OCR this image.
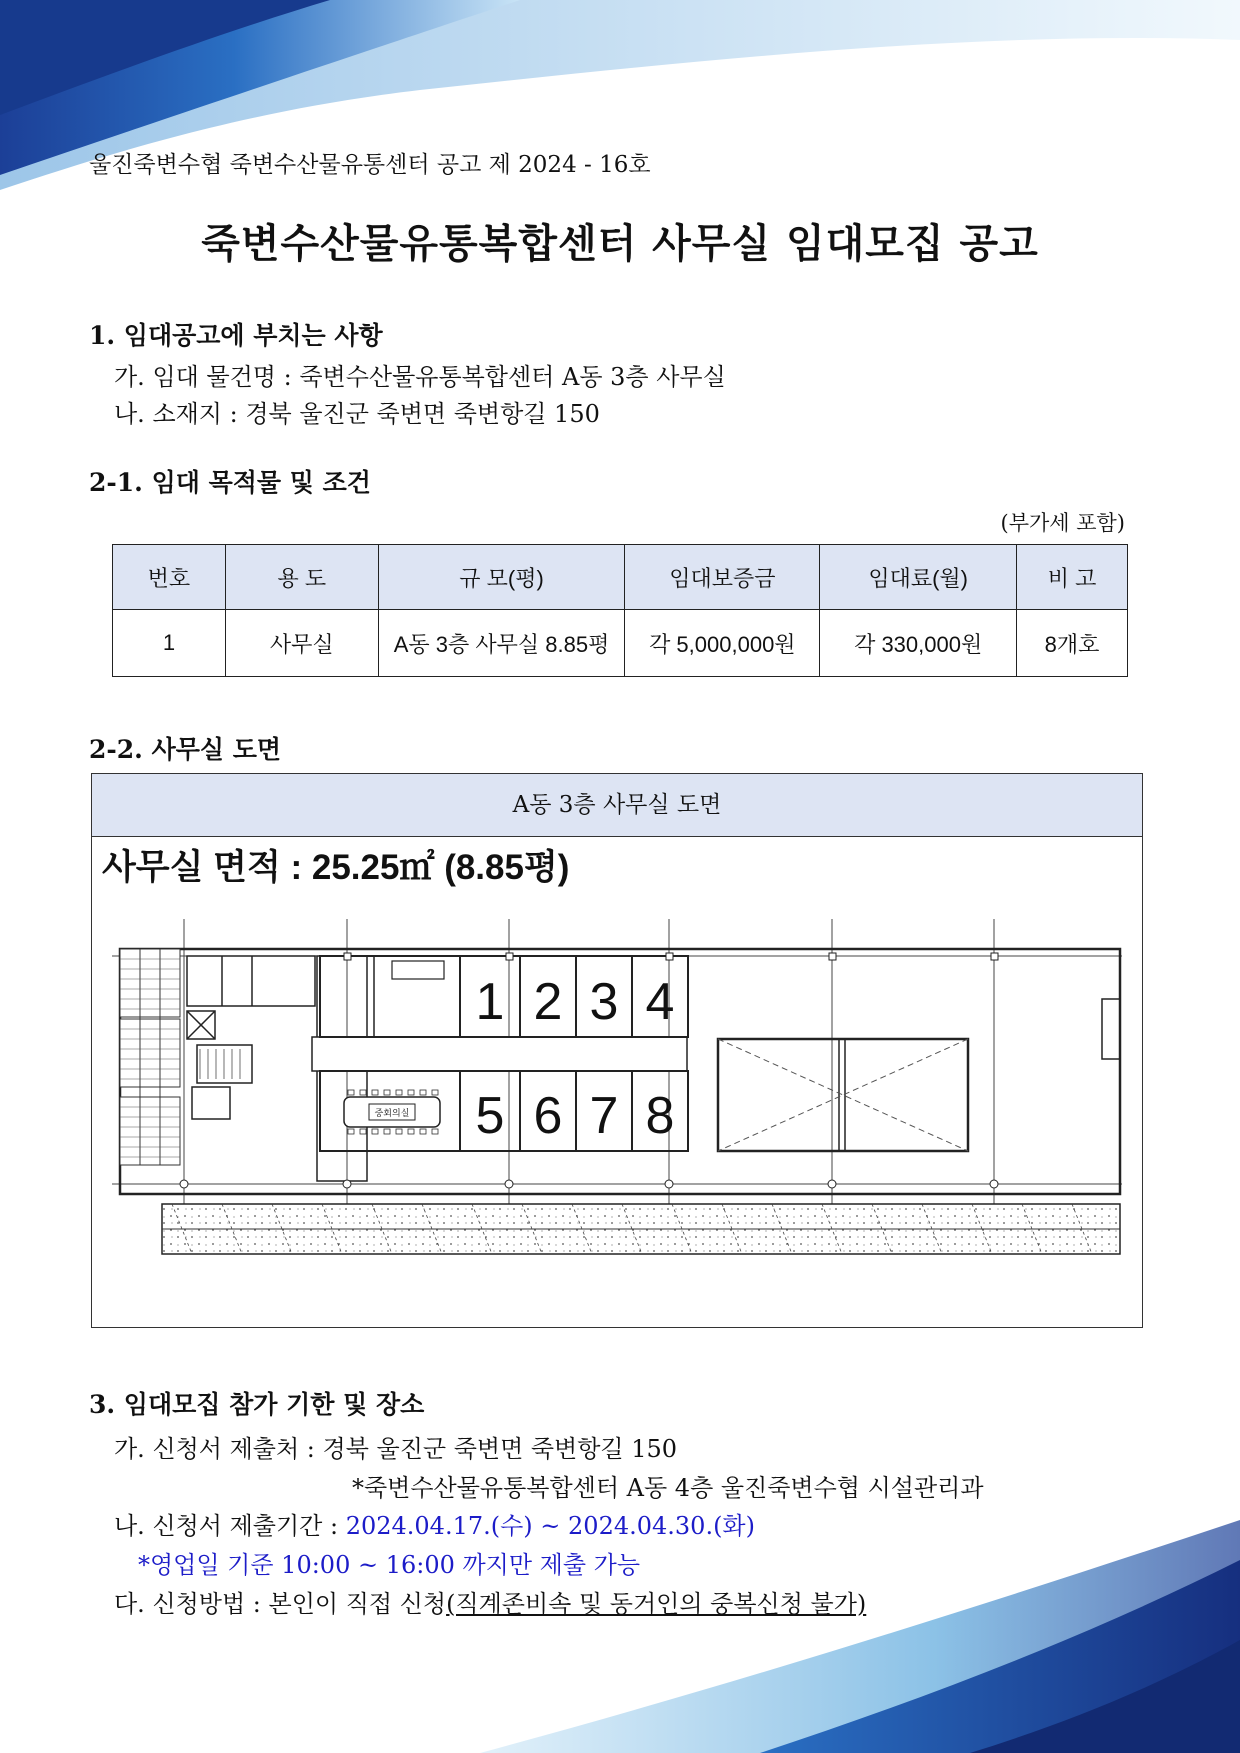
울진죽변수협 죽변수산물유통센터 공고 제 2024 - 16호
죽변수산물유통복합센터 사무실 임대모집 공고
1. 임대공고에 부치는 사항
가. 임대 물건명 : 죽변수산물유통복합센터 A동 3층 사무실
나. 소재지 : 경북 울진군 죽변면 죽변항길 150
2-1. 임대 목적물 및 조건
(부가세 포함)
번호	용 도	규 모(평)	임대보증금	임대료(월)	비 고
1	사무실	A동 3층 사무실 8.85평	각 5,000,000원	각 330,000원	8개호
2-2. 사무실 도면
A동 3층 사무실 도면
사무실 면적 : 25.25㎡ (8.85평)
중회의실
1 2 3 4
5 6 7 8
3. 임대모집 참가 기한 및 장소
가. 신청서 제출처 : 경북 울진군 죽변면 죽변항길 150
*죽변수산물유통복합센터 A동 4층 울진죽변수협 시설관리과
나. 신청서 제출기간 : 2024.04.17.(수) ~ 2024.04.30.(화)
*영업일 기준 10:00 ~ 16:00 까지만 제출 가능
다. 신청방법 : 본인이 직접 신청(직계존비속 및 동거인의 중복신청 불가)
